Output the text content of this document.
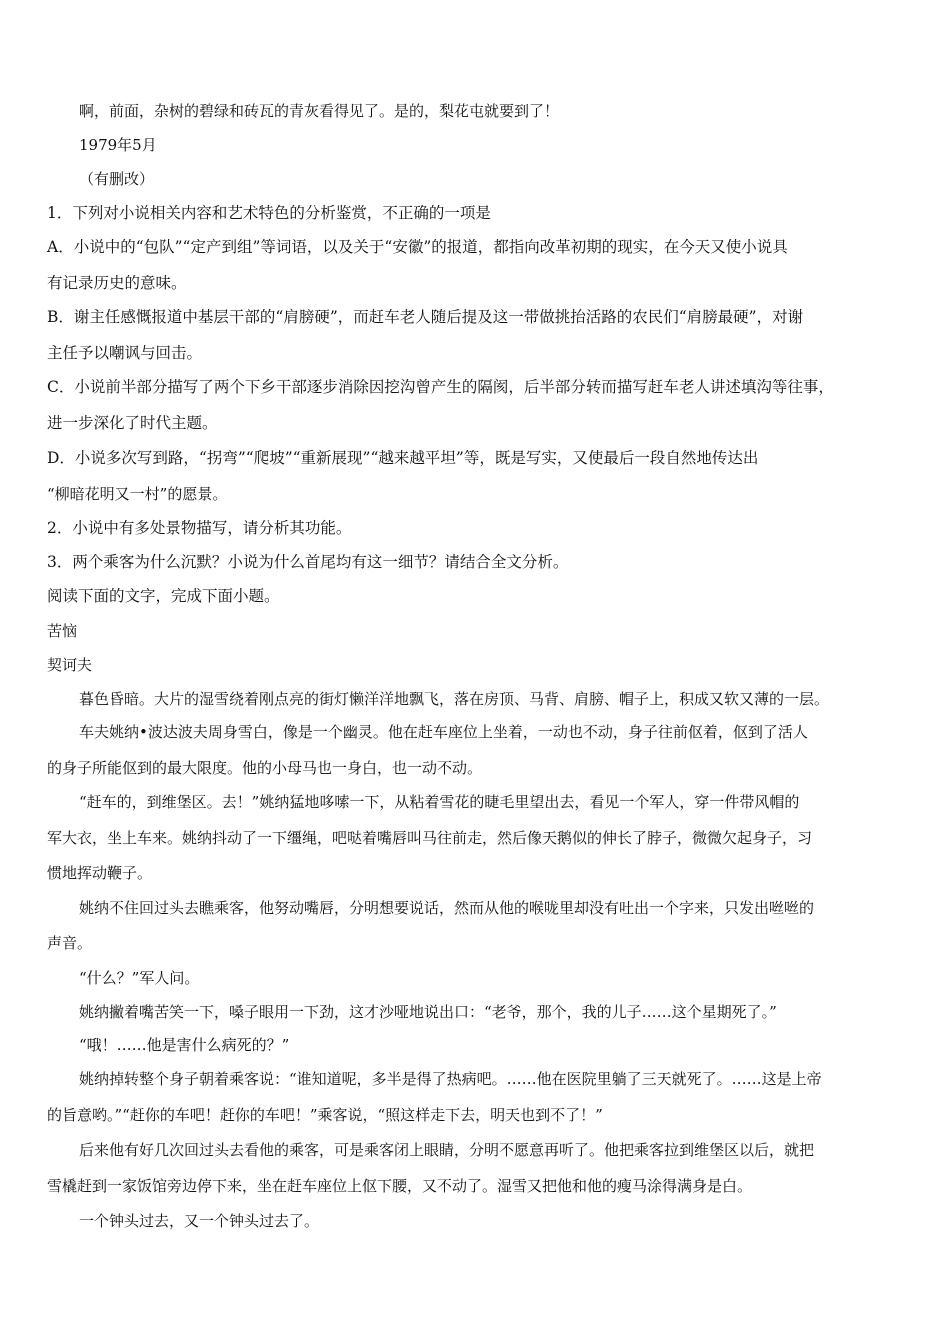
啊，前面，杂树的碧绿和砖瓦的青灰看得见了。是的，梨花屯就要到了！

1979年5月

（有删改）

1．下列对小说相关内容和艺术特色的分析鉴赏，不正确的一项是

A．小说中的“包队”“定产到组”等词语，以及关于“安徽”的报道，都指向改革初期的现实，在今天又使小说具

有记录历史的意味。

B．谢主任感慨报道中基层干部的“肩膀硬”，而赶车老人随后提及这一带做挑抬活路的农民们“肩膀最硬”，对谢

主任予以嘲讽与回击。

C．小说前半部分描写了两个下乡干部逐步消除因挖沟曾产生的隔阂，后半部分转而描写赶车老人讲述填沟等往事，

进一步深化了时代主题。

D．小说多次写到路，“拐弯”“爬坡”“重新展现”“越来越平坦”等，既是写实，又使最后一段自然地传达出

“柳暗花明又一村”的愿景。

2．小说中有多处景物描写，请分析其功能。

3．两个乘客为什么沉默？小说为什么首尾均有这一细节？请结合全文分析。

阅读下面的文字，完成下面小题。

苦恼

契诃夫

暮色昏暗。大片的湿雪绕着刚点亮的街灯懒洋洋地飘飞，落在房顶、马背、肩膀、帽子上，积成又软又薄的一层。

车夫姚纳•波达波夫周身雪白，像是一个幽灵。他在赶车座位上坐着，一动也不动，身子往前伛着，伛到了活人

的身子所能伛到的最大限度。他的小母马也一身白，也一动不动。

“赶车的，到维堡区。去！”姚纳猛地哆嗦一下，从粘着雪花的睫毛里望出去，看见一个军人，穿一件带风帽的

军大衣，坐上车来。姚纳抖动了一下缰绳，吧哒着嘴唇叫马往前走，然后像天鹅似的伸长了脖子，微微欠起身子，习

惯地挥动鞭子。

姚纳不住回过头去瞧乘客，他努动嘴唇，分明想要说话，然而从他的喉咙里却没有吐出一个字来，只发出咝咝的

声音。

“什么？”军人问。

姚纳撇着嘴苦笑一下，嗓子眼用一下劲，这才沙哑地说出口：“老爷，那个，我的儿子……这个星期死了。”

“哦！……他是害什么病死的？”

姚纳掉转整个身子朝着乘客说：“谁知道呢，多半是得了热病吧。……他在医院里躺了三天就死了。……这是上帝

的旨意哟。”“赶你的车吧！赶你的车吧！”乘客说，“照这样走下去，明天也到不了！”

后来他有好几次回过头去看他的乘客，可是乘客闭上眼睛，分明不愿意再听了。他把乘客拉到维堡区以后，就把

雪橇赶到一家饭馆旁边停下来，坐在赶车座位上伛下腰，又不动了。湿雪又把他和他的瘦马涂得满身是白。

一个钟头过去，又一个钟头过去了。
